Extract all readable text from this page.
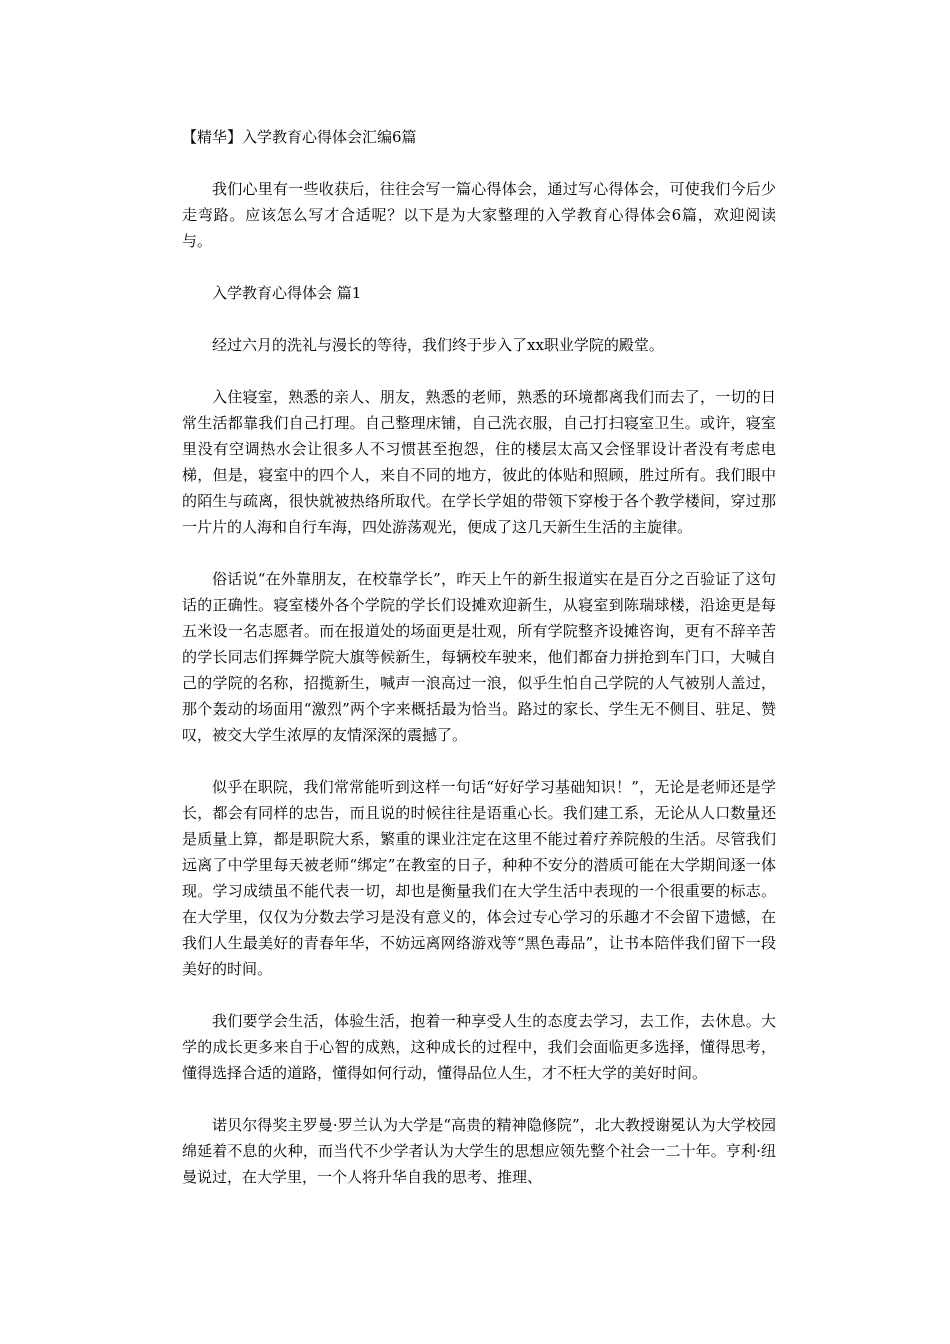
【精华】入学教育心得体会汇编6篇

我们心里有一些收获后，往往会写一篇心得体会，通过写心得体会，可使我们今后少走弯路。应该怎么写才合适呢？以下是为大家整理的入学教育心得体会6篇，欢迎阅读与。

入学教育心得体会 篇1

经过六月的洗礼与漫长的等待，我们终于步入了xx职业学院的殿堂。

入住寝室，熟悉的亲人、朋友，熟悉的老师，熟悉的环境都离我们而去了，一切的日常生活都靠我们自己打理。自己整理床铺，自己洗衣服，自己打扫寝室卫生。或许，寝室里没有空调热水会让很多人不习惯甚至抱怨，住的楼层太高又会怪罪设计者没有考虑电梯，但是，寝室中的四个人，来自不同的地方，彼此的体贴和照顾，胜过所有。我们眼中的陌生与疏离，很快就被热络所取代。在学长学姐的带领下穿梭于各个教学楼间，穿过那一片片的人海和自行车海，四处游荡观光，便成了这几天新生生活的主旋律。

俗话说“在外靠朋友，在校靠学长”，昨天上午的新生报道实在是百分之百验证了这句话的正确性。寝室楼外各个学院的学长们设摊欢迎新生，从寝室到陈瑞球楼，沿途更是每五米设一名志愿者。而在报道处的场面更是壮观，所有学院整齐设摊咨询，更有不辞辛苦的学长同志们挥舞学院大旗等候新生，每辆校车驶来，他们都奋力拼抢到车门口，大喊自己的学院的名称，招揽新生，喊声一浪高过一浪，似乎生怕自己学院的人气被别人盖过，那个轰动的场面用“激烈”两个字来概括最为恰当。路过的家长、学生无不侧目、驻足、赞叹，被交大学生浓厚的友情深深的震撼了。

似乎在职院，我们常常能听到这样一句话“好好学习基础知识！”，无论是老师还是学长，都会有同样的忠告，而且说的时候往往是语重心长。我们建工系，无论从人口数量还是质量上算，都是职院大系，繁重的课业注定在这里不能过着疗养院般的生活。尽管我们远离了中学里每天被老师“绑定”在教室的日子，种种不安分的潜质可能在大学期间逐一体现。学习成绩虽不能代表一切，却也是衡量我们在大学生活中表现的一个很重要的标志。在大学里，仅仅为分数去学习是没有意义的，体会过专心学习的乐趣才不会留下遗憾，在我们人生最美好的青春年华，不妨远离网络游戏等“黑色毒品”，让书本陪伴我们留下一段美好的时间。

我们要学会生活，体验生活，抱着一种享受人生的态度去学习，去工作，去休息。大学的成长更多来自于心智的成熟，这种成长的过程中，我们会面临更多选择，懂得思考，懂得选择合适的道路，懂得如何行动，懂得品位人生，才不枉大学的美好时间。

诺贝尔得奖主罗曼·罗兰认为大学是“高贵的精神隐修院”，北大教授谢冕认为大学校园绵延着不息的火种，而当代不少学者认为大学生的思想应领先整个社会一二十年。亨利·纽曼说过，在大学里，一个人将升华自我的思考、推理、
